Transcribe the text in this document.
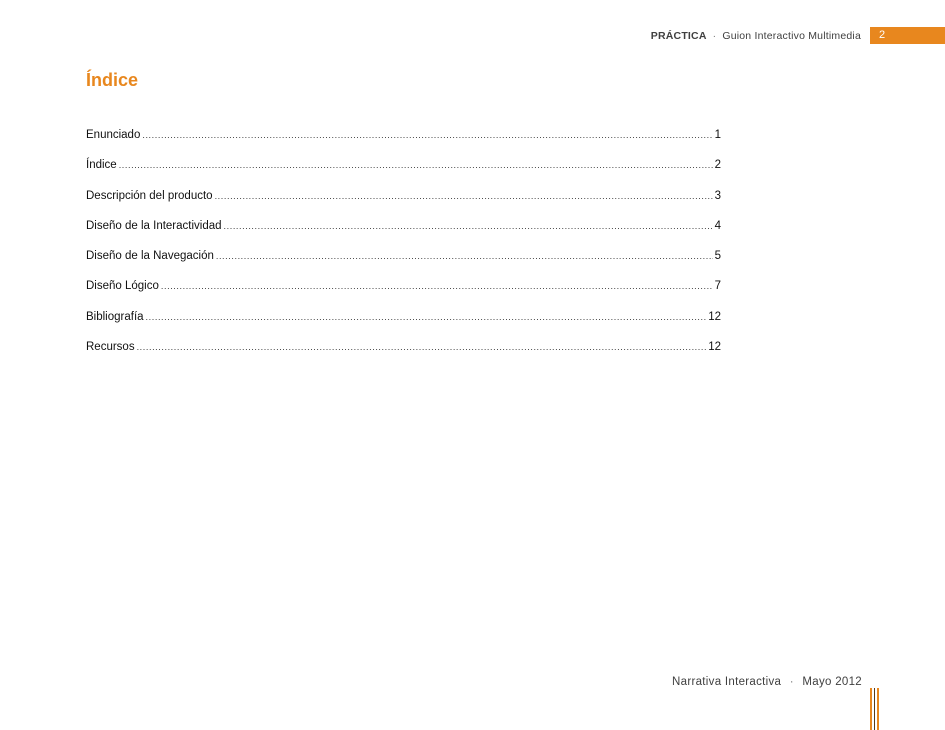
PRÁCTICA · Guion Interactivo Multimedia	2
Índice
Enunciado .....	1
Índice .....	2
Descripción del producto .....	3
Diseño de la Interactividad .....	4
Diseño de la Navegación .....	5
Diseño Lógico .....	7
Bibliografía .....	12
Recursos .....	12
Narrativa Interactiva · Mayo 2012
